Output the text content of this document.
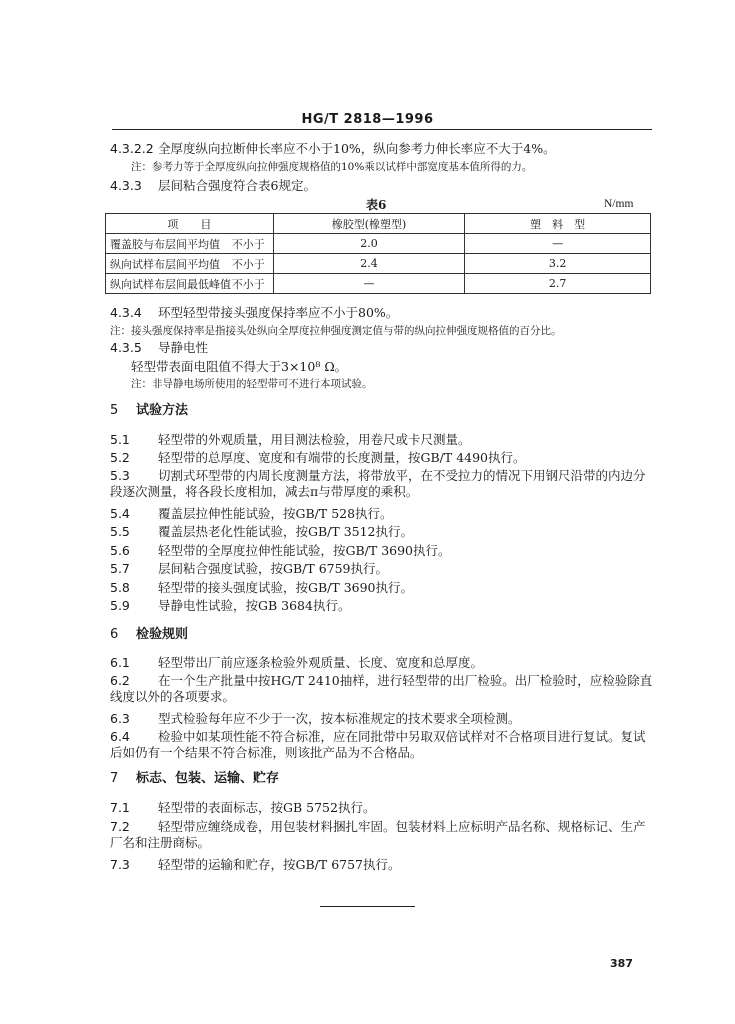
HG/T 2818—1996
4.3.2.2 全厚度纵向拉断伸长率应不小于10%，纵向参考力伸长率应不大于4%。
注：参考力等于全厚度纵向拉伸强度规格值的10%乘以试样中部宽度基本值所得的力。
4.3.3 层间粘合强度符合表6规定。
表6	N/mm
项　　目	橡胶型(橡塑型)	塑　料　型
覆盖胶与布层间平均值 不小于	2.0	—
纵向试样布层间平均值 不小于	2.4	3.2
纵向试样布层间最低峰值 不小于	—	2.7
4.3.4 环型轻型带接头强度保持率应不小于80%。
注：接头强度保持率是指接头处纵向全厚度拉伸强度测定值与带的纵向拉伸强度规格值的百分比。
4.3.5 导静电性
轻型带表面电阻值不得大于3×10⁸ Ω。
注：非导静电场所使用的轻型带可不进行本项试验。
5 试验方法
5.1 轻型带的外观质量，用目测法检验，用卷尺或卡尺测量。
5.2 轻型带的总厚度、宽度和有端带的长度测量，按GB/T 4490执行。
5.3 切割式环型带的内周长度测量方法，将带放平，在不受拉力的情况下用钢尺沿带的内边分段逐次测量，将各段长度相加，减去π与带厚度的乘积。
5.4 覆盖层拉伸性能试验，按GB/T 528执行。
5.5 覆盖层热老化性能试验，按GB/T 3512执行。
5.6 轻型带的全厚度拉伸性能试验，按GB/T 3690执行。
5.7 层间粘合强度试验，按GB/T 6759执行。
5.8 轻型带的接头强度试验，按GB/T 3690执行。
5.9 导静电性试验，按GB 3684执行。
6 检验规则
6.1 轻型带出厂前应逐条检验外观质量、长度、宽度和总厚度。
6.2 在一个生产批量中按HG/T 2410抽样，进行轻型带的出厂检验。出厂检验时，应检验除直线度以外的各项要求。
6.3 型式检验每年应不少于一次，按本标准规定的技术要求全项检测。
6.4 检验中如某项性能不符合标准，应在同批带中另取双倍试样对不合格项目进行复试。复试后如仍有一个结果不符合标准，则该批产品为不合格品。
7 标志、包装、运输、贮存
7.1 轻型带的表面标志，按GB 5752执行。
7.2 轻型带应缠绕成卷，用包装材料捆扎牢固。包装材料上应标明产品名称、规格标记、生产厂名和注册商标。
7.3 轻型带的运输和贮存，按GB/T 6757执行。
387
